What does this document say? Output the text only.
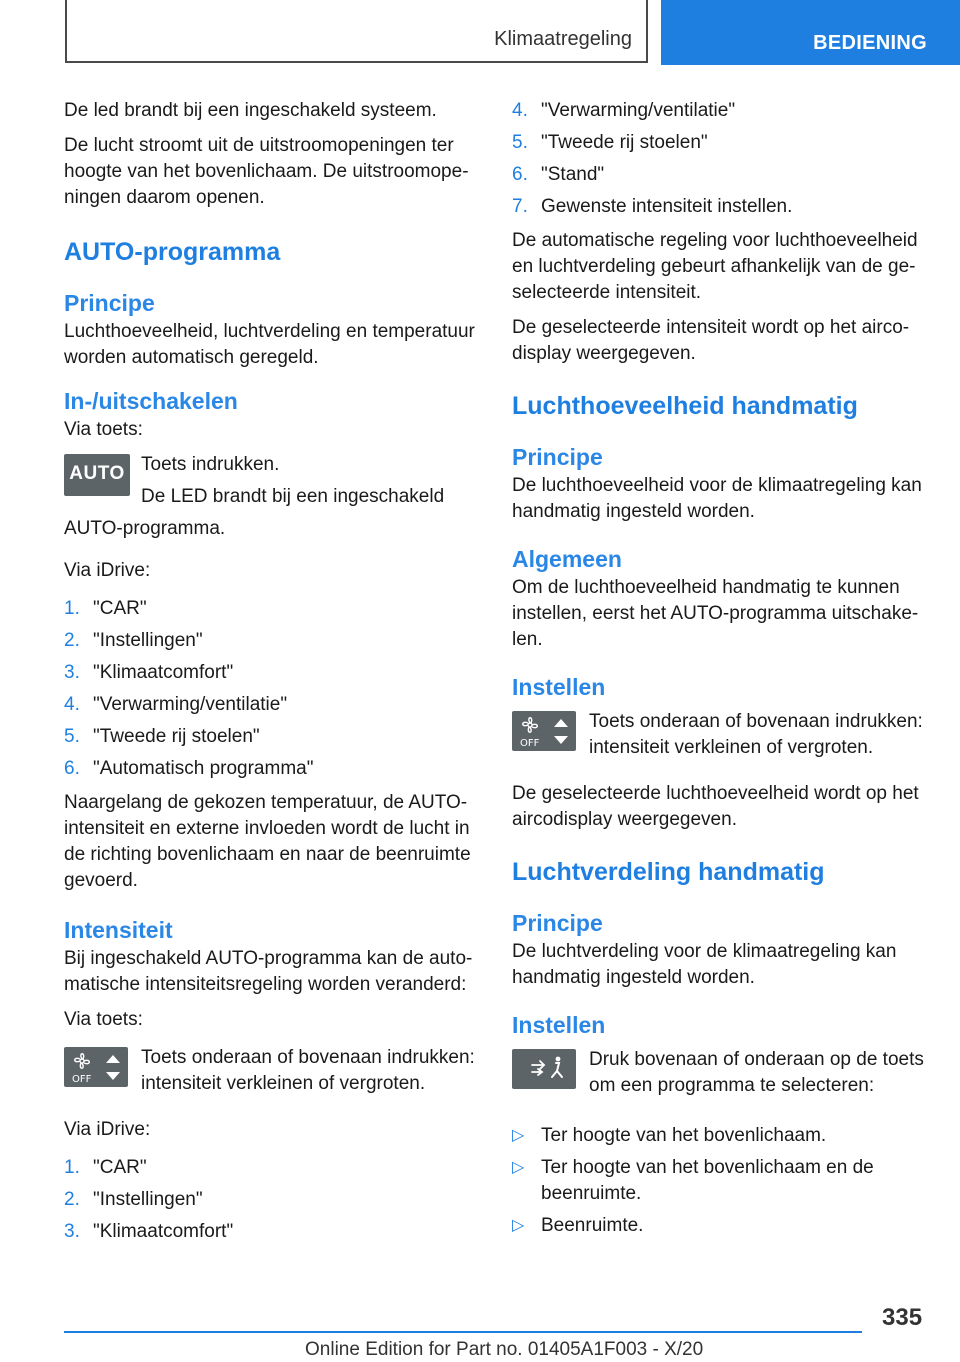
Klimaatregeling	BEDIENING

De led brandt bij een ingeschakeld systeem.

De lucht stroomt uit de uitstroomopeningen ter hoogte van het bovenlichaam. De uitstroomopeningen daarom openen.

AUTO-programma
Principe

Luchthoeveelheid, luchtverdeling en temperatuur worden automatisch geregeld.

In-/uitschakelen

Via toets:

AUTO Toets indrukken.
De LED brandt bij een ingeschakeld

AUTO-programma.

Via iDrive:

1. "CAR"
2. "Instellingen"
3. "Klimaatcomfort"
4. "Verwarming/ventilatie"
5. "Tweede rij stoelen"
6. "Automatisch programma"

Naargelang de gekozen temperatuur, de AUTO-intensiteit en externe invloeden wordt de lucht in de richting bovenlichaam en naar de beenruimte gevoerd.

Intensiteit

Bij ingeschakeld AUTO-programma kan de automatische intensiteitsregeling worden veranderd:

Via toets:

OFF
Toets onderaan of bovenaan indrukken: intensiteit verkleinen of vergroten.

Via iDrive:

1. "CAR"
2. "Instellingen"
3. "Klimaatcomfort"
4. "Verwarming/ventilatie"
5. "Tweede rij stoelen"
6. "Stand"
7. Gewenste intensiteit instellen.

De automatische regeling voor luchthoeveelheid en luchtverdeling gebeurt afhankelijk van de geselecteerde intensiteit.

De geselecteerde intensiteit wordt op het aircodisplay weergegeven.

Luchthoeveelheid handmatig
Principe

De luchthoeveelheid voor de klimaatregeling kan handmatig ingesteld worden.

Algemeen

Om de luchthoeveelheid handmatig te kunnen instellen, eerst het AUTO-programma uitschakelen.

Instellen
OFF
Toets onderaan of bovenaan indrukken: intensiteit verkleinen of vergroten.

De geselecteerde luchthoeveelheid wordt op het aircodisplay weergegeven.

Luchtverdeling handmatig
Principe

De luchtverdeling voor de klimaatregeling kan handmatig ingesteld worden.

Instellen
Druk bovenaan of onderaan op de toets om een programma te selecteren:
▷ Ter hoogte van het bovenlichaam.
▷ Ter hoogte van het bovenlichaam en de beenruimte.
▷ Beenruimte.
335
Online Edition for Part no. 01405A1F003 - X/20
